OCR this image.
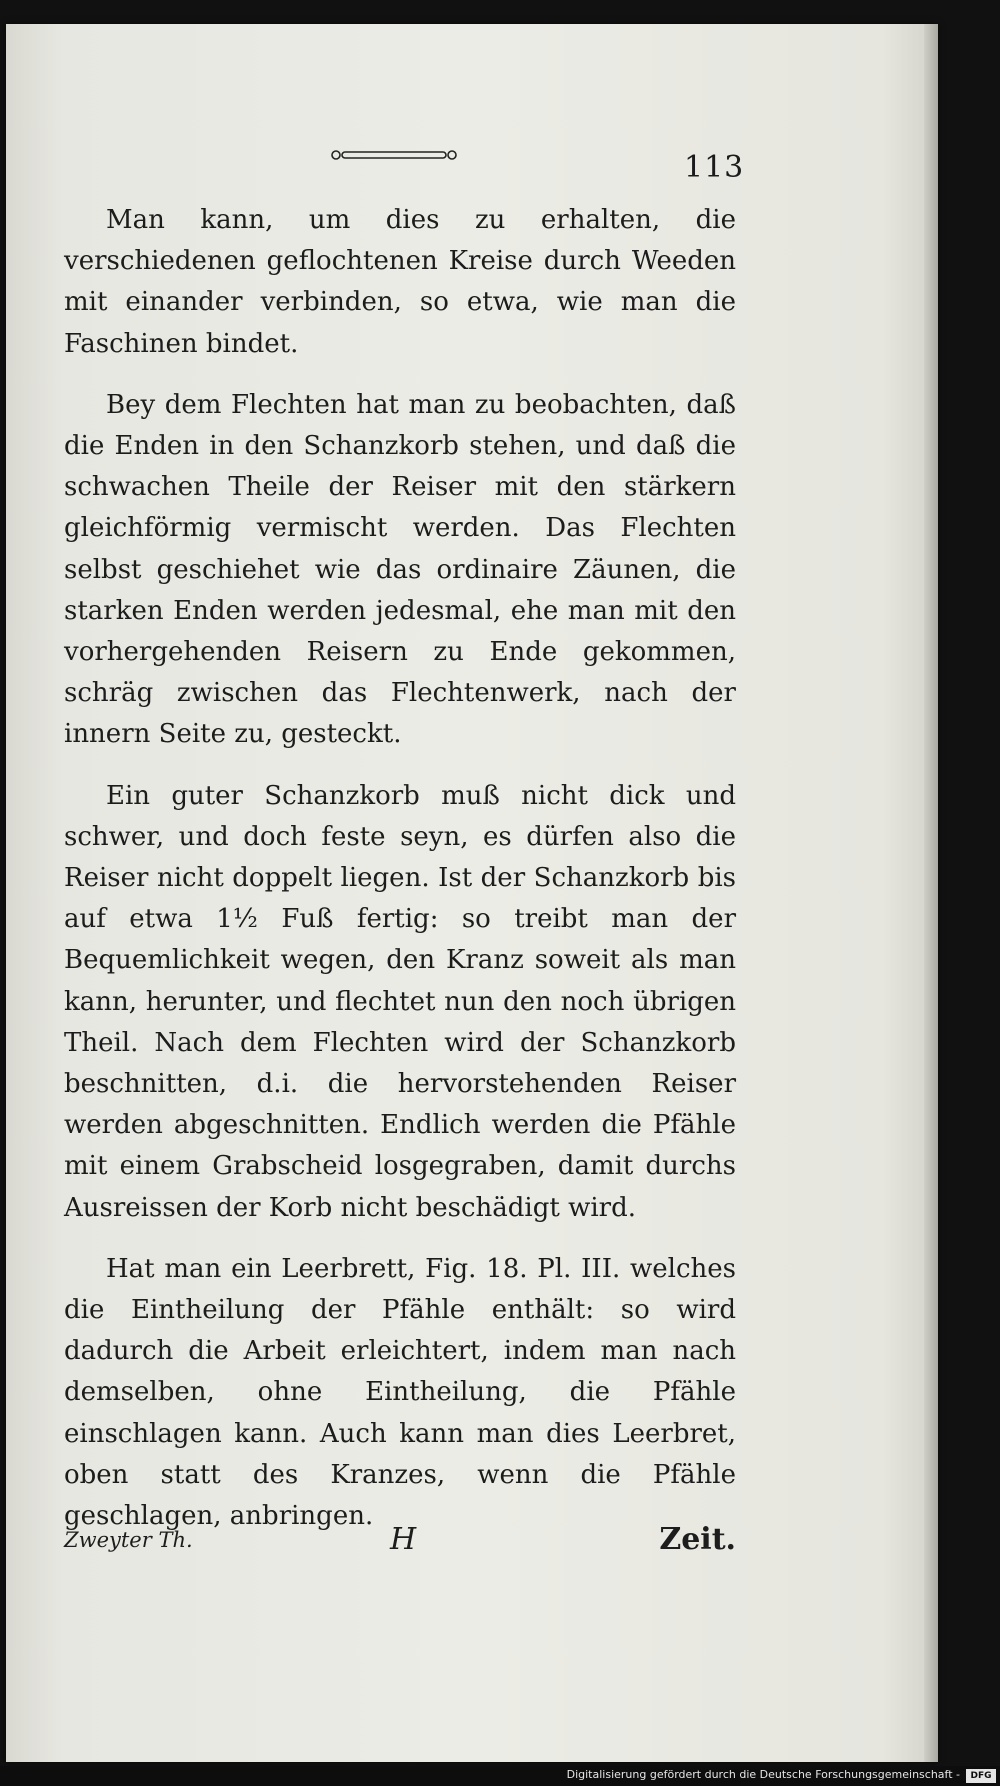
113

Man kann, um dies zu erhalten, die verschiedenen geflochtenen Kreise durch Weeden mit einander verbinden, so etwa, wie man die Faschinen bindet.

Bey dem Flechten hat man zu beobachten, daß die Enden in den Schanzkorb stehen, und daß die schwachen Theile der Reiser mit den stärkern gleichförmig vermischt werden. Das Flechten selbst geschiehet wie das ordinaire Zäunen, die starken Enden werden jedesmal, ehe man mit den vorhergehenden Reisern zu Ende gekommen, schräg zwischen das Flechtenwerk, nach der innern Seite zu, gesteckt.

Ein guter Schanzkorb muß nicht dick und schwer, und doch feste seyn, es dürfen also die Reiser nicht doppelt liegen. Ist der Schanzkorb bis auf etwa 1½ Fuß fertig: so treibt man der Bequemlichkeit wegen, den Kranz soweit als man kann, herunter, und flechtet nun den noch übrigen Theil. Nach dem Flechten wird der Schanzkorb beschnitten, d.i. die hervorstehenden Reiser werden abgeschnitten. Endlich werden die Pfähle mit einem Grabscheid losgegraben, damit durchs Ausreissen der Korb nicht beschädigt wird.

Hat man ein Leerbrett, Fig. 18. Pl. III. welches die Eintheilung der Pfähle enthält: so wird dadurch die Arbeit erleichtert, indem man nach demselben, ohne Eintheilung, die Pfähle einschlagen kann. Auch kann man dies Leerbret, oben statt des Kranzes, wenn die Pfähle geschlagen, anbringen.

Zweyter Th.	H	Zeit.
Digitalisierung gefördert durch die Deutsche Forschungsgemeinschaft -	DFG
